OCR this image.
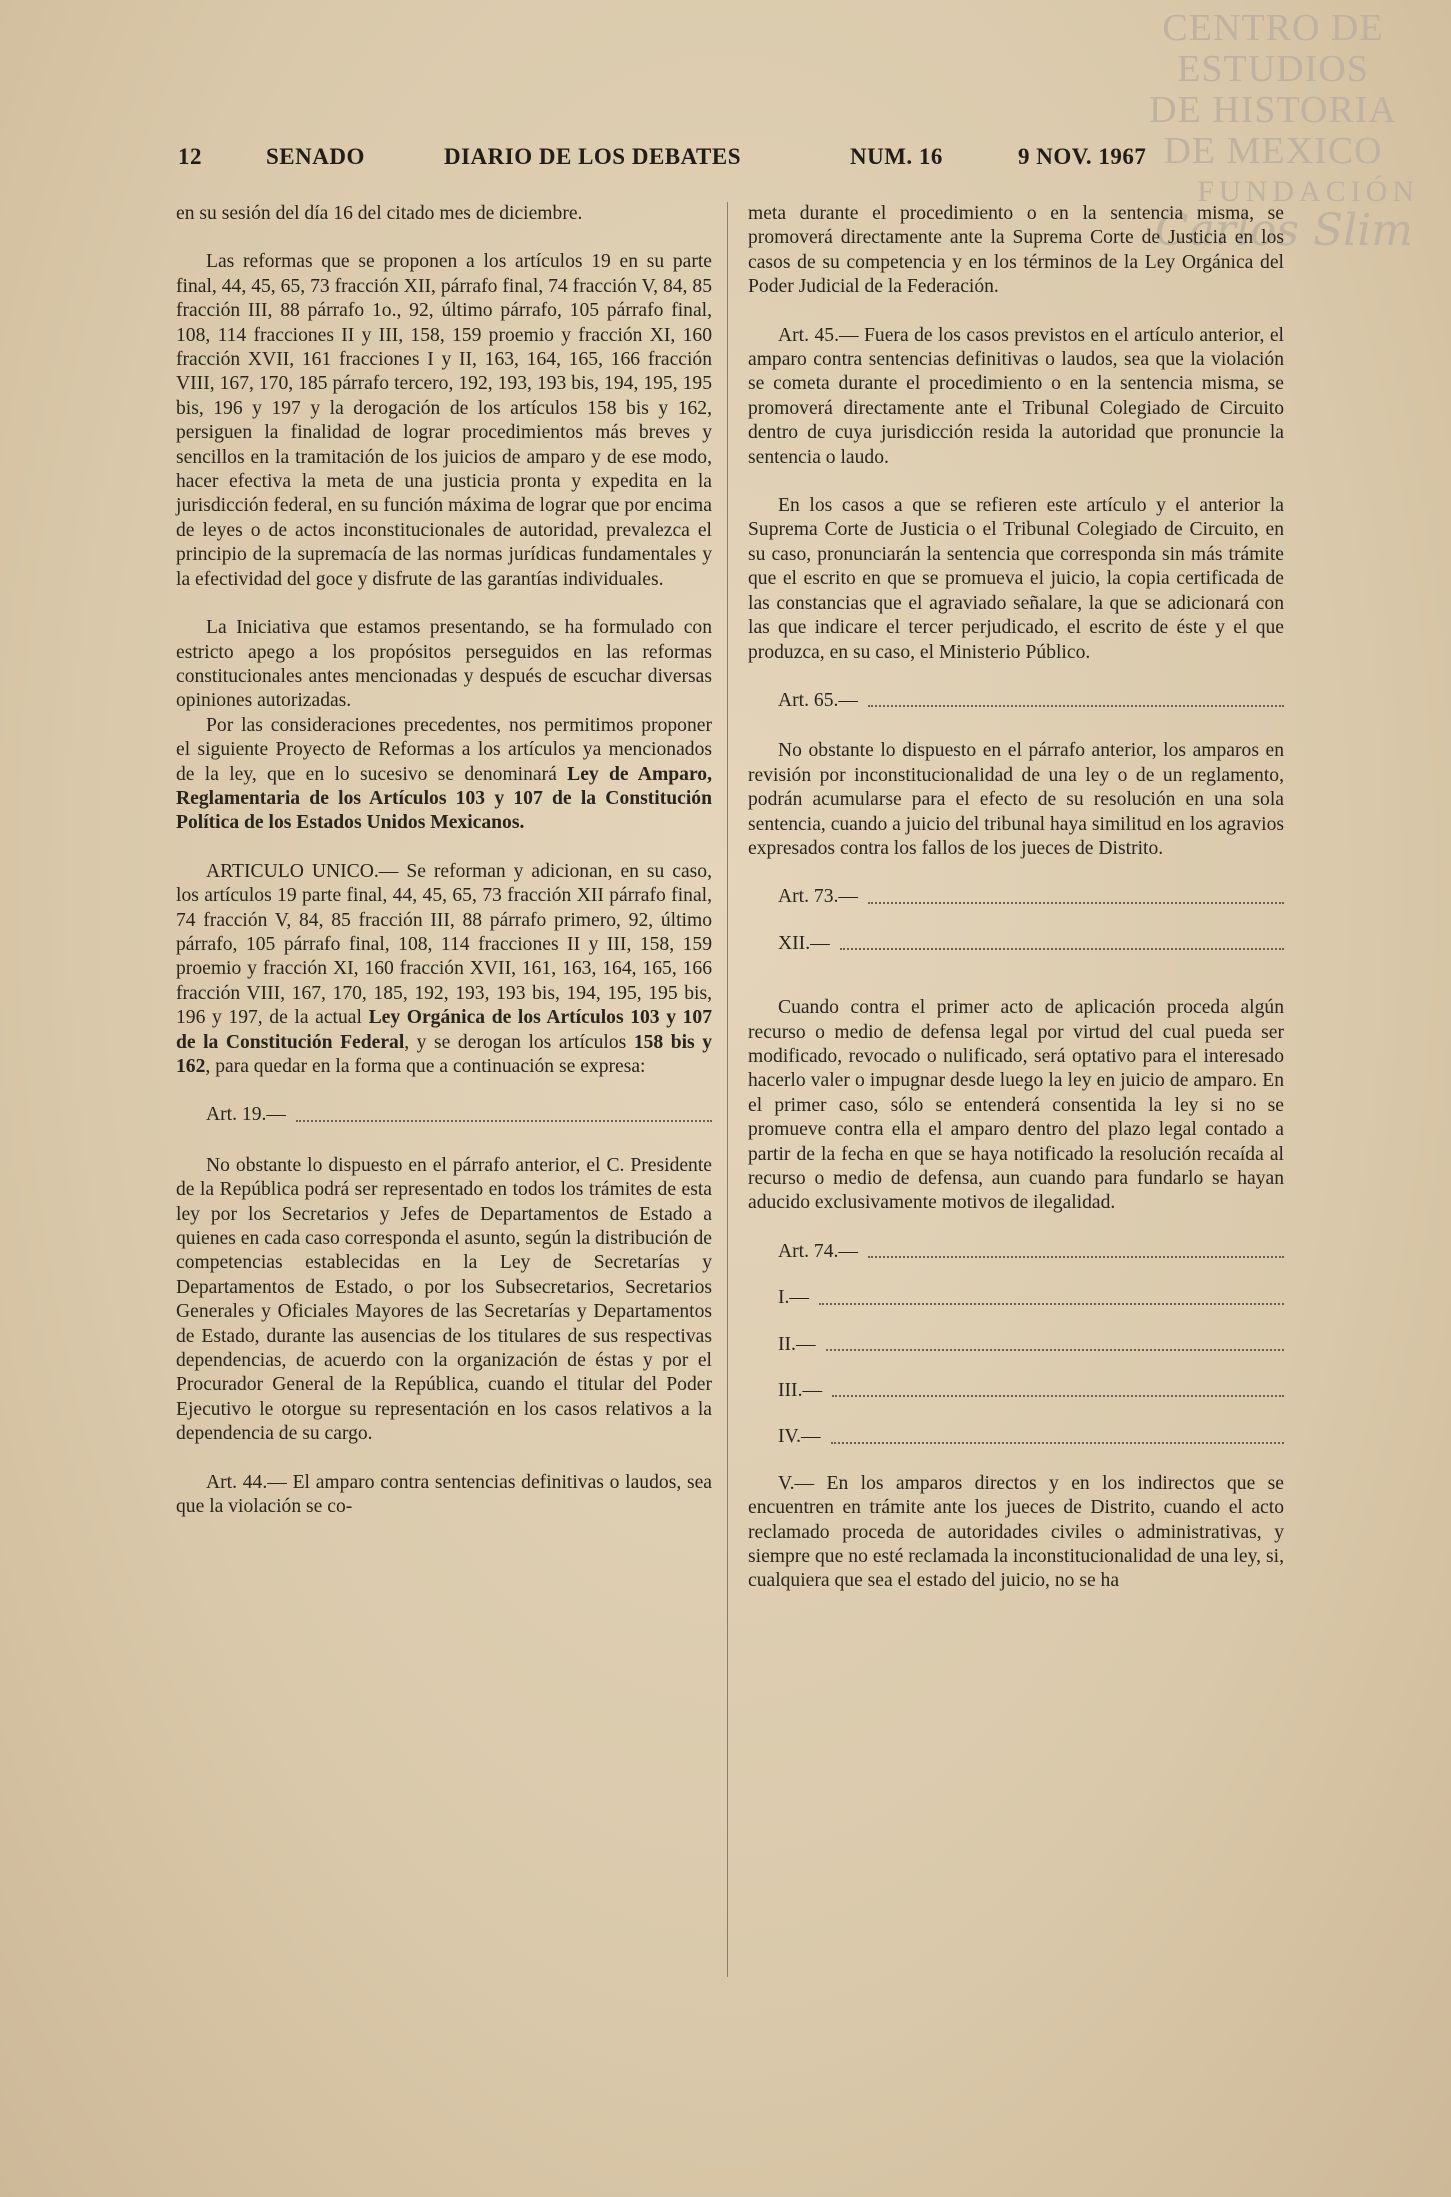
CENTRO DE
ESTUDIOS
DE HISTORIA
DE MEXICO
FUNDACIÓN
Carlos Slim
12	SENADO	DIARIO DE LOS DEBATES	NUM. 16	9 NOV. 1967

en su sesión del día 16 del citado mes de diciembre.

Las reformas que se proponen a los artículos 19 en su parte final, 44, 45, 65, 73 fracción XII, párrafo final, 74 fracción V, 84, 85 fracción III, 88 párrafo 1o., 92, último párrafo, 105 párrafo final, 108, 114 fracciones II y III, 158, 159 proemio y fracción XI, 160 fracción XVII, 161 fracciones I y II, 163, 164, 165, 166 fracción VIII, 167, 170, 185 párrafo tercero, 192, 193, 193 bis, 194, 195, 195 bis, 196 y 197 y la derogación de los artículos 158 bis y 162, persiguen la finalidad de lograr procedimientos más breves y sencillos en la tramitación de los juicios de amparo y de ese modo, hacer efectiva la meta de una justicia pronta y expedita en la jurisdicción federal, en su función máxima de lograr que por encima de leyes o de actos inconstitucionales de autoridad, prevalezca el principio de la supremacía de las normas jurídicas fundamentales y la efectividad del goce y disfrute de las garantías individuales.

La Iniciativa que estamos presentando, se ha formulado con estricto apego a los propósitos perseguidos en las reformas constitucionales antes mencionadas y después de escuchar diversas opiniones autorizadas.

Por las consideraciones precedentes, nos permitimos proponer el siguiente Proyecto de Reformas a los artículos ya mencionados de la ley, que en lo sucesivo se denominará Ley de Amparo, Reglamentaria de los Artículos 103 y 107 de la Constitución Política de los Estados Unidos Mexicanos.

ARTICULO UNICO.— Se reforman y adicionan, en su caso, los artículos 19 parte final, 44, 45, 65, 73 fracción XII párrafo final, 74 fracción V, 84, 85 fracción III, 88 párrafo primero, 92, último párrafo, 105 párrafo final, 108, 114 fracciones II y III, 158, 159 proemio y fracción XI, 160 fracción XVII, 161, 163, 164, 165, 166 fracción VIII, 167, 170, 185, 192, 193, 193 bis, 194, 195, 195 bis, 196 y 197, de la actual Ley Orgánica de los Artículos 103 y 107 de la Constitución Federal, y se derogan los artículos 158 bis y 162, para quedar en la forma que a continuación se expresa:

Art. 19.—

No obstante lo dispuesto en el párrafo anterior, el C. Presidente de la República podrá ser representado en todos los trámites de esta ley por los Secretarios y Jefes de Departamentos de Estado a quienes en cada caso corresponda el asunto, según la distribución de competencias establecidas en la Ley de Secretarías y Departamentos de Estado, o por los Subsecretarios, Secretarios Generales y Oficiales Mayores de las Secretarías y Departamentos de Estado, durante las ausencias de los titulares de sus respectivas dependencias, de acuerdo con la organización de éstas y por el Procurador General de la República, cuando el titular del Poder Ejecutivo le otorgue su representación en los casos relativos a la dependencia de su cargo.

Art. 44.— El amparo contra sentencias definitivas o laudos, sea que la violación se co-

meta durante el procedimiento o en la sentencia misma, se promoverá directamente ante la Suprema Corte de Justicia en los casos de su competencia y en los términos de la Ley Orgánica del Poder Judicial de la Federación.

Art. 45.— Fuera de los casos previstos en el artículo anterior, el amparo contra sentencias definitivas o laudos, sea que la violación se cometa durante el procedimiento o en la sentencia misma, se promoverá directamente ante el Tribunal Colegiado de Circuito dentro de cuya jurisdicción resida la autoridad que pronuncie la sentencia o laudo.

En los casos a que se refieren este artículo y el anterior la Suprema Corte de Justicia o el Tribunal Colegiado de Circuito, en su caso, pronunciarán la sentencia que corresponda sin más trámite que el escrito en que se promueva el juicio, la copia certificada de las constancias que el agraviado señalare, la que se adicionará con las que indicare el tercer perjudicado, el escrito de éste y el que produzca, en su caso, el Ministerio Público.

Art. 65.—

No obstante lo dispuesto en el párrafo anterior, los amparos en revisión por inconstitucionalidad de una ley o de un reglamento, podrán acumularse para el efecto de su resolución en una sola sentencia, cuando a juicio del tribunal haya similitud en los agravios expresados contra los fallos de los jueces de Distrito.

Art. 73.—
XII.—

Cuando contra el primer acto de aplicación proceda algún recurso o medio de defensa legal por virtud del cual pueda ser modificado, revocado o nulificado, será optativo para el interesado hacerlo valer o impugnar desde luego la ley en juicio de amparo. En el primer caso, sólo se entenderá consentida la ley si no se promueve contra ella el amparo dentro del plazo legal contado a partir de la fecha en que se haya notificado la resolución recaída al recurso o medio de defensa, aun cuando para fundarlo se hayan aducido exclusivamente motivos de ilegalidad.

Art. 74.—
I.—
II.—
III.—
IV.—

V.— En los amparos directos y en los indirectos que se encuentren en trámite ante los jueces de Distrito, cuando el acto reclamado proceda de autoridades civiles o administrativas, y siempre que no esté reclamada la inconstitucionalidad de una ley, si, cualquiera que sea el estado del juicio, no se ha
